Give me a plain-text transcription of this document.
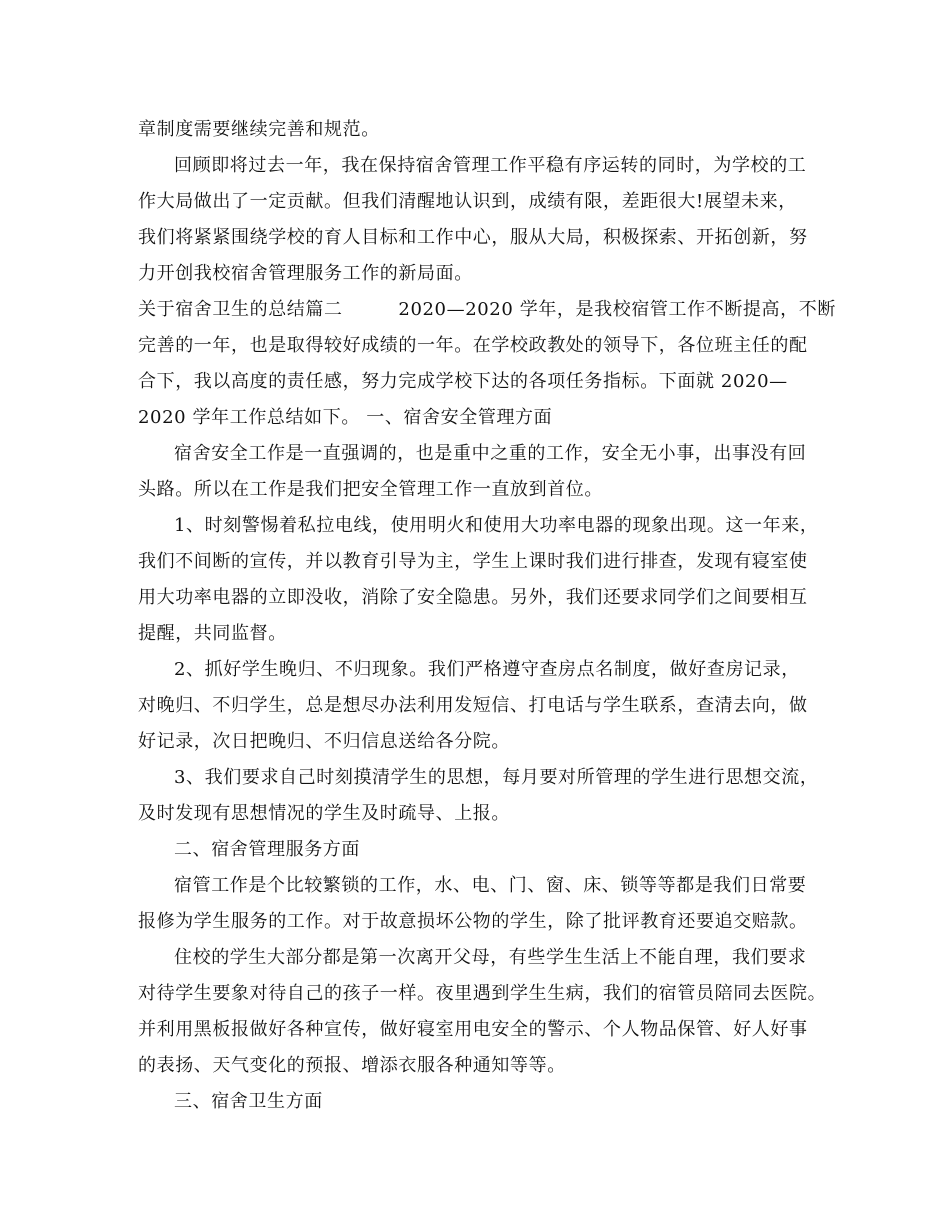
章制度需要继续完善和规范。
回顾即将过去一年，我在保持宿舍管理工作平稳有序运转的同时，为学校的工
作大局做出了一定贡献。但我们清醒地认识到，成绩有限，差距很大!展望未来，
我们将紧紧围绕学校的育人目标和工作中心，服从大局，积极探索、开拓创新，努
力开创我校宿舍管理服务工作的新局面。
关于宿舍卫生的总结篇二　　　2020—2020 学年，是我校宿管工作不断提高，不断
完善的一年，也是取得较好成绩的一年。在学校政教处的领导下，各位班主任的配
合下，我以高度的责任感，努力完成学校下达的各项任务指标。下面就 2020—
2020 学年工作总结如下。 一、宿舍安全管理方面
宿舍安全工作是一直强调的，也是重中之重的工作，安全无小事，出事没有回
头路。所以在工作是我们把安全管理工作一直放到首位。
1、时刻警惕着私拉电线，使用明火和使用大功率电器的现象出现。这一年来，
我们不间断的宣传，并以教育引导为主，学生上课时我们进行排查，发现有寝室使
用大功率电器的立即没收，消除了安全隐患。另外，我们还要求同学们之间要相互
提醒，共同监督。
2、抓好学生晚归、不归现象。我们严格遵守查房点名制度，做好查房记录，
对晚归、不归学生，总是想尽办法利用发短信、打电话与学生联系，查清去向，做
好记录，次日把晚归、不归信息送给各分院。
3、我们要求自己时刻摸清学生的思想，每月要对所管理的学生进行思想交流，
及时发现有思想情况的学生及时疏导、上报。
二、宿舍管理服务方面
宿管工作是个比较繁锁的工作，水、电、门、窗、床、锁等等都是我们日常要
报修为学生服务的工作。对于故意损坏公物的学生，除了批评教育还要追交赔款。
住校的学生大部分都是第一次离开父母，有些学生生活上不能自理，我们要求
对待学生要象对待自己的孩子一样。夜里遇到学生生病，我们的宿管员陪同去医院。
并利用黑板报做好各种宣传，做好寝室用电安全的警示、个人物品保管、好人好事
的表扬、天气变化的预报、增添衣服各种通知等等。
三、宿舍卫生方面
